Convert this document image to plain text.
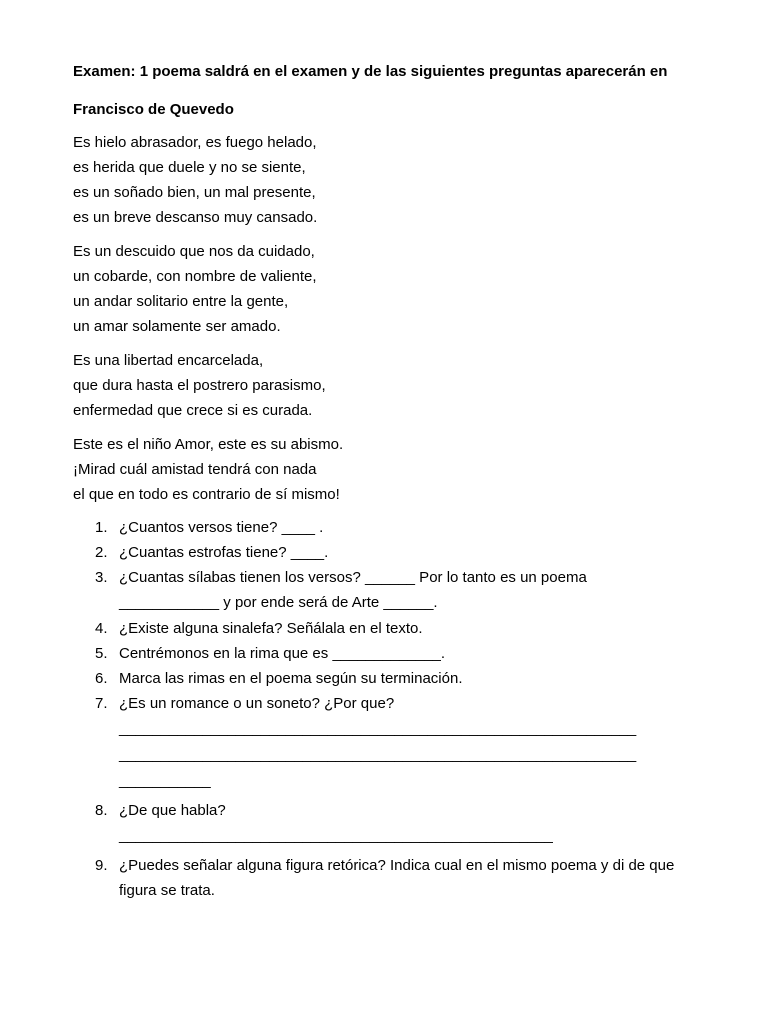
Examen: 1 poema saldrá en el examen y de las siguientes preguntas aparecerán en

Francisco de Quevedo

Es hielo abrasador, es fuego helado,
es herida que duele y no se siente,
es un soñado bien, un mal presente,
es un breve descanso muy cansado.
Es un descuido que nos da cuidado,
un cobarde, con nombre de valiente,
un andar solitario entre la gente,
un amar solamente ser amado.
Es una libertad encarcelada,
que dura hasta el postrero parasismo,
enfermedad que crece si es curada.
Este es el niño Amor, este es su abismo.
¡Mirad cuál amistad tendrá con nada
el que en todo es contrario de sí mismo!
1. ¿Cuantos versos tiene? ____ .
2. ¿Cuantas estrofas tiene? ____.
3. ¿Cuantas sílabas tienen los versos? ______ Por lo tanto es un poema
____________ y por ende será de Arte ______.
4. ¿Existe alguna sinalefa? Señálala en el texto.
5. Centrémonos en la rima que es _____________.
6. Marca las rimas en el poema según su terminación.
7. ¿Es un romance o un soneto? ¿Por que?
______________________________________________________________
______________________________________________________________
___________
8. ¿De que habla?
____________________________________________________
9. ¿Puedes señalar alguna figura retórica? Indica cual en el mismo poema y di de que
figura se trata.
